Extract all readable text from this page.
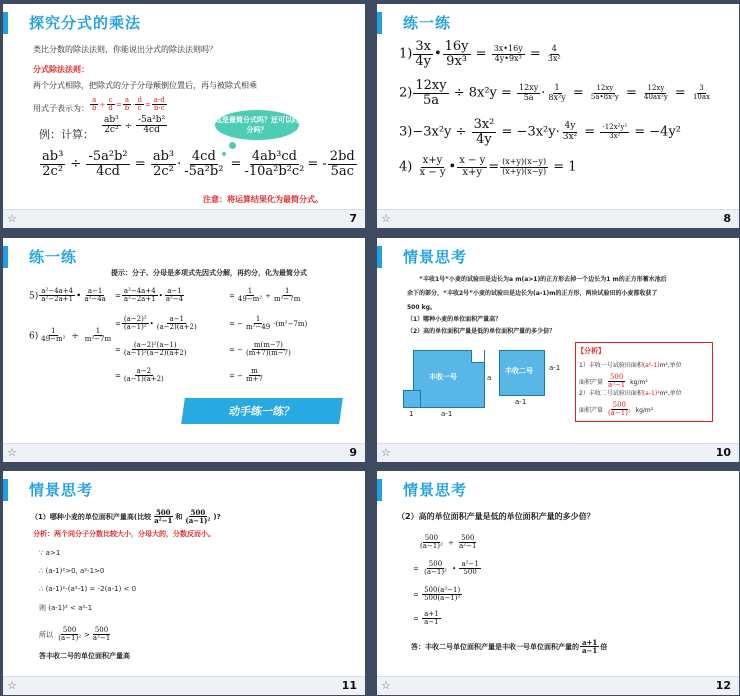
探究分式的乘法
类比分数的除法法则，你能说出分式的除法法则吗？
分式除法法则：
两个分式相除，把除式的分子分母颠倒位置后，再与被除式相乘
用式子表示为： $\frac{a}{b} \div \frac{c}{d} = \frac{a}{b} \cdot \frac{d}{c} = \frac{a\cdot d}{b\cdot c}$
例：计算： $\frac{\text{ab³}}{\text{2c²}} \div \frac{\text{-5a²b²}}{4cd}$	这是最简分式吗？还可以约分吗？
$\frac{\text{ab³}}{\text{2c²}} \div \frac{\text{-5a²b²}}{4cd} = \frac{\text{ab³}}{\text{2c²}} \cdot \frac{4cd}{\text{-5a²b²}} = \frac{\text{4ab³cd}}{\text{-10a²b²c²}}$ = - $\frac{2bd}{5ac}$
注意：将运算结果化为最简分式。
☆	7
练一练
$1) \frac{3x}{4y}$ • $\frac{16y}{\text{9x³}} = \frac{3x•16y}{\text{4y•9x³}} = \frac{4}{\text{3x²}}$
$2) \frac{12xy}{5a} \div 8x^2y = \frac{12xy}{5a} \cdot \frac{1}{\text{8x²y}} = \frac{12xy}{\text{5a•8x²y}} = \frac{12xy}{\text{40ax²y}} = \frac{3}{10ax}$
$3)-3x^2y \div \frac{\text{3x²}}{4y} = -3x^2y\cdot \frac{4y}{\text{3x²}} = \frac{\text{-12x²y²}}{\text{3x²}} = -4y^2$
$4) \frac{x+y}{x - y}$ • $\frac{x - y}{x+y} = \frac{(x+y)(x-y)}{(x+y)(x-y)} = 1$
☆	8
练一练
提示：分子、分母是多项式先因式分解，再约分，化为最简分式
$5) \frac{\text{a²−4a+4}}{\text{a²−2a+1}}$ • $\frac{a-1}{\text{a²−4a}}$
$6) \frac{1}{\text{49−m²}} \div \frac{1}{\text{m²−7m}}$
= $\frac{\text{a²−4a+4}}{\text{a²−2a+1}}$ • $\frac{a-1}{\text{a²−4}}$
= $\frac{\text{(a−2)²}}{\text{(a−1)²}}$ • $\frac{a-1}{(a-2)(a+2)}$
= $\frac{\text{(a−2)²(a−1)}}{\text{(a−1)²(a−2)(a+2)}}$
= $\frac{a-2}{(a-1)(a+2)}$
= $\frac{1}{\text{49−m²}} \div \frac{1}{\text{m²−7m}}$
= − $\frac{1}{\text{m²−49}} \cdot(m^2-7m)$
= − $\frac{m(m-7)}{(m+7)(m-7)}$
= − $\frac{m}{m+7}$
动手练一练？
☆	9
情景思考
“丰收1号”小麦的试验田是边长为a m(a>1)的正方形去掉一个边长为1 m的正方形蓄水池后
余下的部分，“丰收2号”小麦的试验田是边长为(a-1)m的正方形，两块试验田的小麦都收获了
500 kg。
（1）哪种小麦的单位面积产量高？
（2）高的单位面积产量是低的单位面积产量的多少倍？
丰收一号	a
a-1
1
丰收二号 a-1
a-1
【分析】
1）丰收一号试验田面积(a²-1)m²,单位
面积产量 $\frac{500}{\text{a²−1}} kg/m^2$
2）丰收二号试验田面积(a-1)²m²,单位
面积产量 $\frac{500}{\text{(a−1)²}} kg/m^2$
☆	10
情景思考
（1）哪种小麦的单位面积产量高(比较 $\frac{500}{\text{a²−1}}$ 和 $\frac{500}{\text{(a−1)²}}$ )?
分析：两个同分子分数比较大小，分母大的，分数反而小。
∵ a>1
∴ (a-1)²>0, a²-1>0
∴ (a-1)²-(a²-1) = -2(a-1) < 0
则 (a-1)² < a²-1
所以 $\frac{500}{\text{(a−1)²}} > \frac{500}{\text{a²−1}}$
答丰收二号的单位面积产量高
☆	11
情景思考
（2）高的单位面积产量是低的单位面积产量的多少倍？
$\frac{500}{\text{(a−1)²}} \div \frac{500}{\text{a²−1}}$
= $\frac{500}{\text{(a−1)²}}$ • $\frac{\text{a²−1}}{500}$
= $\frac{\text{500(a²−1)}}{\text{500(a−1)²}}$
= $\frac{a+1}{a-1}$
答：丰收二号单位面积产量是丰收一号单位面积产量的 $\frac{a+1}{a-1}$ 倍
☆	12
